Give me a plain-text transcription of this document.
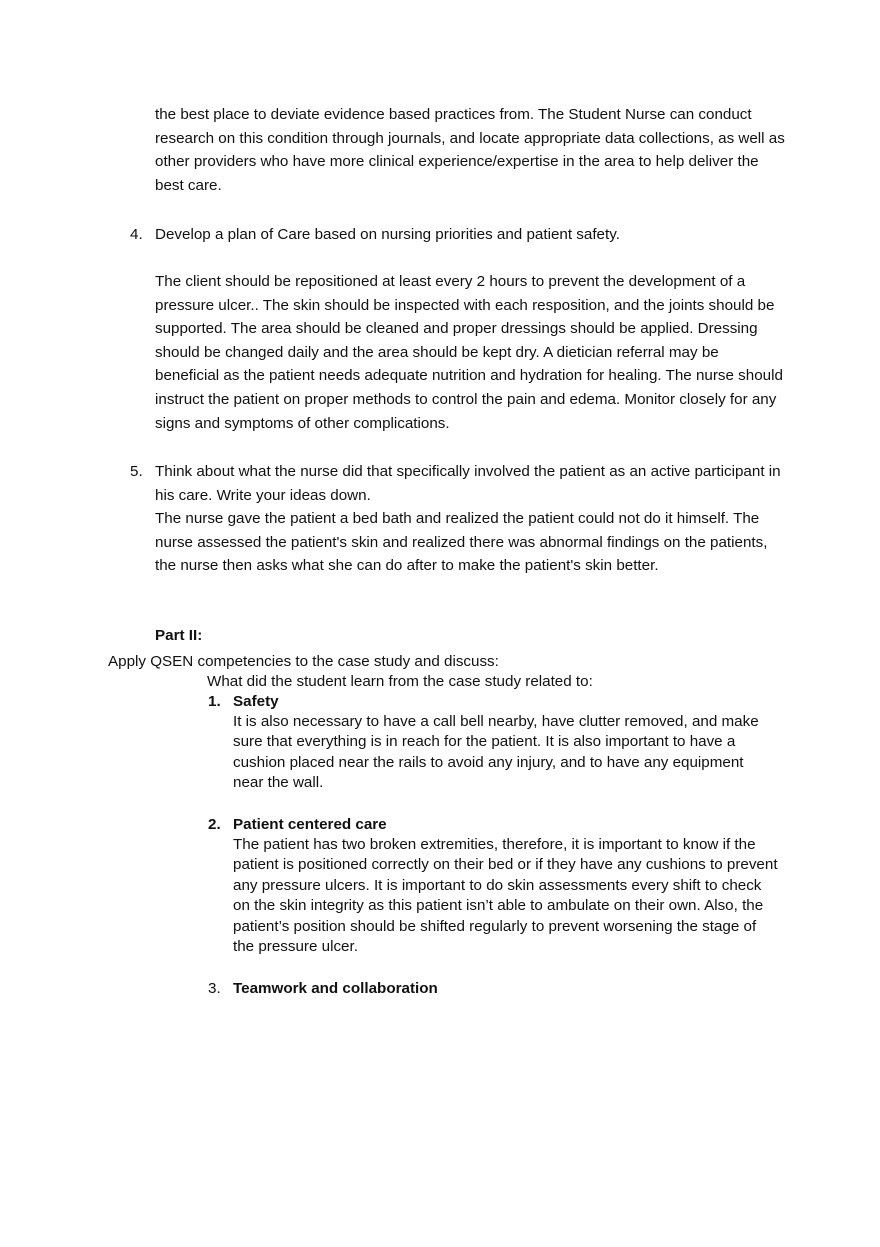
the best place to deviate evidence based practices from. The Student Nurse can conduct research on this condition through journals, and locate appropriate data collections, as well as other providers who have more clinical experience/expertise in the area to help deliver the best care.

4. Develop a plan of Care based on nursing priorities and patient safety.

The client should be repositioned at least every 2 hours to prevent the development of a pressure ulcer.. The skin should be inspected with each resposition, and the joints should be supported. The area should be cleaned and proper dressings should be applied. Dressing should be changed daily and the area should be kept dry. A dietician referral may be beneficial as the patient needs adequate nutrition and hydration for healing. The nurse should instruct the patient on proper methods to control the pain and edema. Monitor closely for any signs and symptoms of other complications.

5. Think about what the nurse did that specifically involved the patient as an active participant in his care. Write your ideas down.

The nurse gave the patient a bed bath and realized the patient could not do it himself. The nurse assessed the patient's skin and realized there was abnormal findings on the patients, the nurse then asks what she can do after to make the patient's skin better.

Part II:

Apply QSEN competencies to the case study and discuss:

What did the student learn from the case study related to:

1. Safety

It is also necessary to have a call bell nearby, have clutter removed, and make sure that everything is in reach for the patient. It is also important to have a cushion placed near the rails to avoid any injury, and to have any equipment near the wall.

2. Patient centered care

The patient has two broken extremities, therefore, it is important to know if the patient is positioned correctly on their bed or if they have any cushions to prevent any pressure ulcers. It is important to do skin assessments every shift to check on the skin integrity as this patient isn’t able to ambulate on their own. Also, the patient’s position should be shifted regularly to prevent worsening the stage of the pressure ulcer.

3. Teamwork and collaboration
